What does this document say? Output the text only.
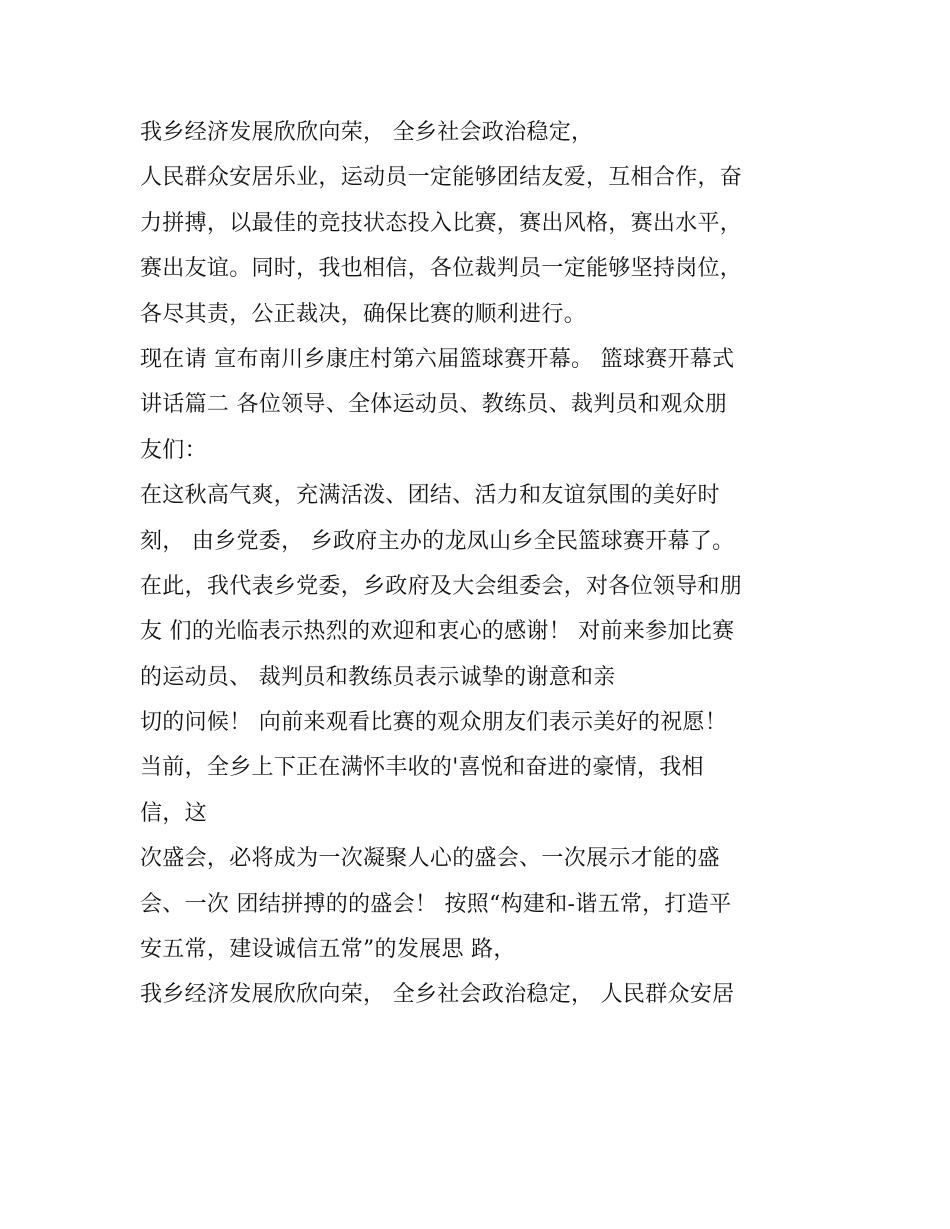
我乡经济发展欣欣向荣， 全乡社会政治稳定，
人民群众安居乐业，运动员一定能够团结友爱，互相合作，奋
力拼搏，以最佳的竞技状态投入比赛，赛出风格，赛出水平，
赛出友谊。同时，我也相信，各位裁判员一定能够坚持岗位，
各尽其责，公正裁决，确保比赛的顺利进行。
现在请 宣布南川乡康庄村第六届篮球赛开幕。 篮球赛开幕式
讲话篇二 各位领导、全体运动员、教练员、裁判员和观众朋
友们：
在这秋高气爽，充满活泼、团结、活力和友谊氛围的美好时
刻， 由乡党委， 乡政府主办的龙凤山乡全民篮球赛开幕了。
在此，我代表乡党委，乡政府及大会组委会，对各位领导和朋
友 们的光临表示热烈的欢迎和衷心的感谢！ 对前来参加比赛
的运动员、 裁判员和教练员表示诚挚的谢意和亲
切的问候！ 向前来观看比赛的观众朋友们表示美好的祝愿！
当前，全乡上下正在满怀丰收的'喜悦和奋进的豪情，我相
信，这
次盛会，必将成为一次凝聚人心的盛会、一次展示才能的盛
会、一次 团结拼搏的的盛会！ 按照“构建和-谐五常，打造平
安五常，建设诚信五常”的发展思 路，
我乡经济发展欣欣向荣， 全乡社会政治稳定， 人民群众安居
